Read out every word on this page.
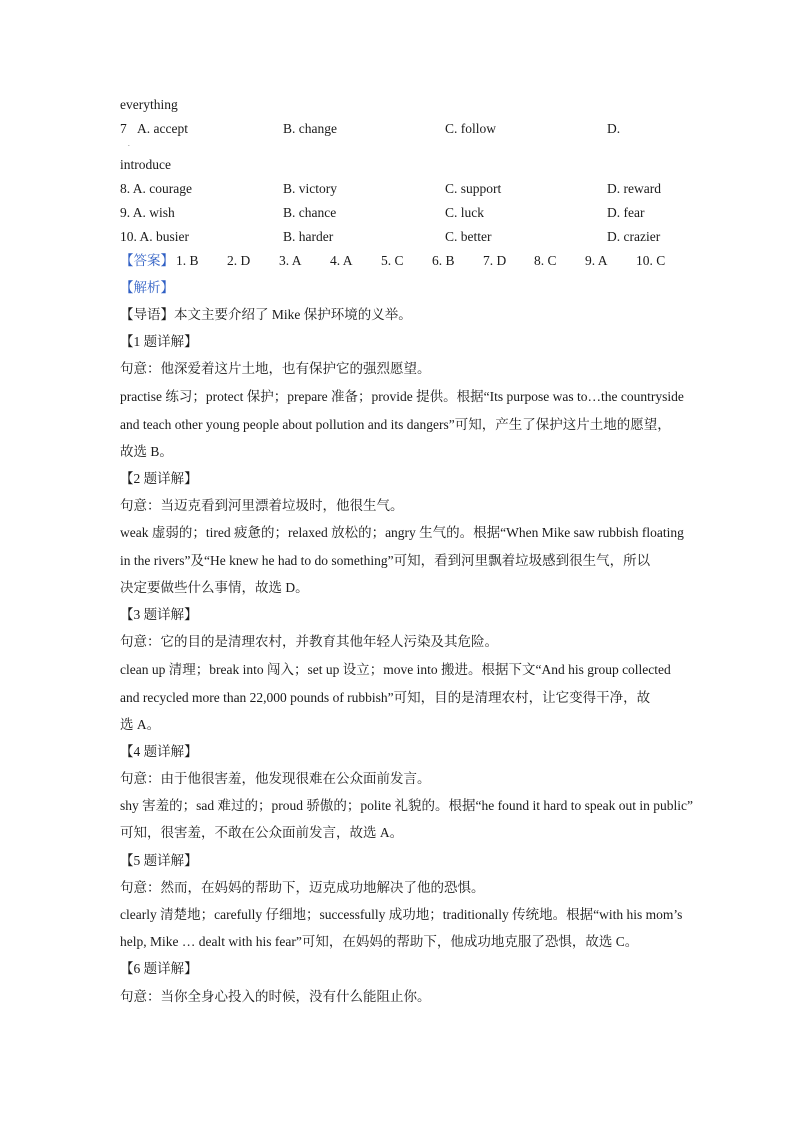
everything
7 A. accept	B. change	C. follow	D.
.
introduce
8. A. courage	B. victory	C. support	D. reward
9. A. wish	B. chance	C. luck	D. fear
10. A. busier	B. harder	C. better	D. crazier
【答案】 1. B 2. D 3. A 4. A 5. C 6. B 7. D 8. C 9. A 10. C
【解析】
【导语】本文主要介绍了 Mike 保护环境的义举。
【1 题详解】
句意：他深爱着这片土地，也有保护它的强烈愿望。
practise 练习；protect 保护；prepare 准备；provide 提供。根据“Its purpose was to…the countryside
and teach other young people about pollution and its dangers”可知，产生了保护这片土地的愿望，
故选 B。
【2 题详解】
句意：当迈克看到河里漂着垃圾时，他很生气。
weak 虚弱的；tired 疲惫的；relaxed 放松的；angry 生气的。根据“When Mike saw rubbish floating
in the rivers”及“He knew he had to do something”可知，看到河里飘着垃圾感到很生气，所以
决定要做些什么事情，故选 D。
【3 题详解】
句意：它的目的是清理农村，并教育其他年轻人污染及其危险。
clean up 清理；break into 闯入；set up 设立；move into 搬进。根据下文“And his group collected
and recycled more than 22,000 pounds of rubbish”可知，目的是清理农村，让它变得干净，故
选 A。
【4 题详解】
句意：由于他很害羞，他发现很难在公众面前发言。
shy 害羞的；sad 难过的；proud 骄傲的；polite 礼貌的。根据“he found it hard to speak out in public”
可知，很害羞，不敢在公众面前发言，故选 A。
【5 题详解】
句意：然而，在妈妈的帮助下，迈克成功地解决了他的恐惧。
clearly 清楚地；carefully 仔细地；successfully 成功地；traditionally 传统地。根据“with his mom’s
help, Mike … dealt with his fear”可知，在妈妈的帮助下，他成功地克服了恐惧，故选 C。
【6 题详解】
句意：当你全身心投入的时候，没有什么能阻止你。
